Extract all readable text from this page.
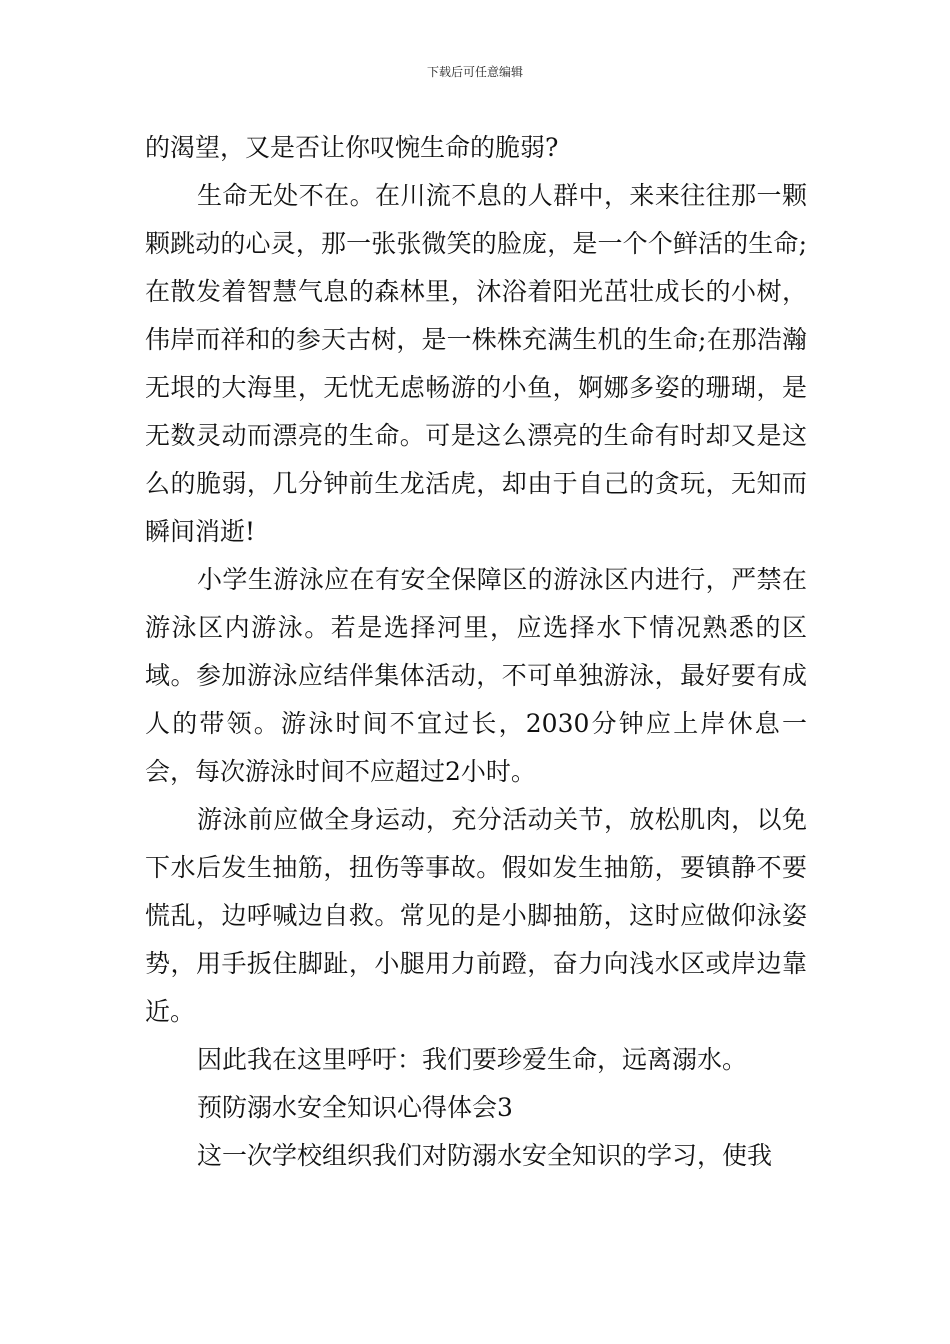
下载后可任意编辑

的渴望，又是否让你叹惋生命的脆弱?

生命无处不在。在川流不息的人群中，来来往往那一颗颗跳动的心灵，那一张张微笑的脸庞，是一个个鲜活的生命;在散发着智慧气息的森林里，沐浴着阳光茁壮成长的小树，伟岸而祥和的参天古树，是一株株充满生机的生命;在那浩瀚无垠的大海里，无忧无虑畅游的小鱼，婀娜多姿的珊瑚，是无数灵动而漂亮的生命。可是这么漂亮的生命有时却又是这么的脆弱，几分钟前生龙活虎，却由于自己的贪玩，无知而瞬间消逝!

小学生游泳应在有安全保障区的游泳区内进行，严禁在游泳区内游泳。若是选择河里，应选择水下情况熟悉的区域。参加游泳应结伴集体活动，不可单独游泳，最好要有成人的带领。游泳时间不宜过长，2030分钟应上岸休息一会，每次游泳时间不应超过2小时。

游泳前应做全身运动，充分活动关节，放松肌肉，以免下水后发生抽筋，扭伤等事故。假如发生抽筋，要镇静不要慌乱，边呼喊边自救。常见的是小脚抽筋，这时应做仰泳姿势，用手扳住脚趾，小腿用力前蹬，奋力向浅水区或岸边靠近。

因此我在这里呼吁：我们要珍爱生命，远离溺水。

预防溺水安全知识心得体会3

这一次学校组织我们对防溺水安全知识的学习，使我
